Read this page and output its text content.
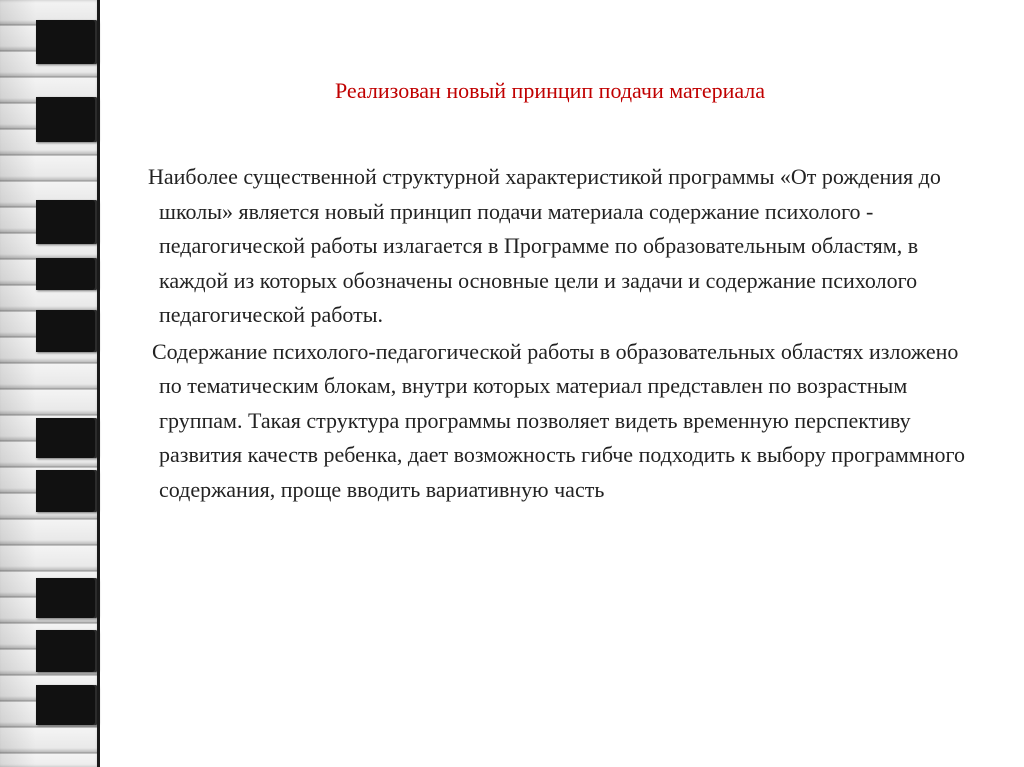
Реализован новый принцип подачи материала

Наиболее существенной структурной характеристикой программы «От рождения до школы» является новый принцип подачи материала содержание психолого - педагогической работы излагается в Программе по образовательным областям, в каждой из которых обозначены основные цели и задачи и содержание психолого педагогической работы.

Содержание психолого-педагогической работы в образовательных областях изложено по тематическим блокам, внутри которых материал представлен по возрастным группам. Такая структура программы позволяет видеть временную перспективу развития качеств ребенка, дает возможность гибче подходить к выбору программного содержания, проще вводить вариативную часть
